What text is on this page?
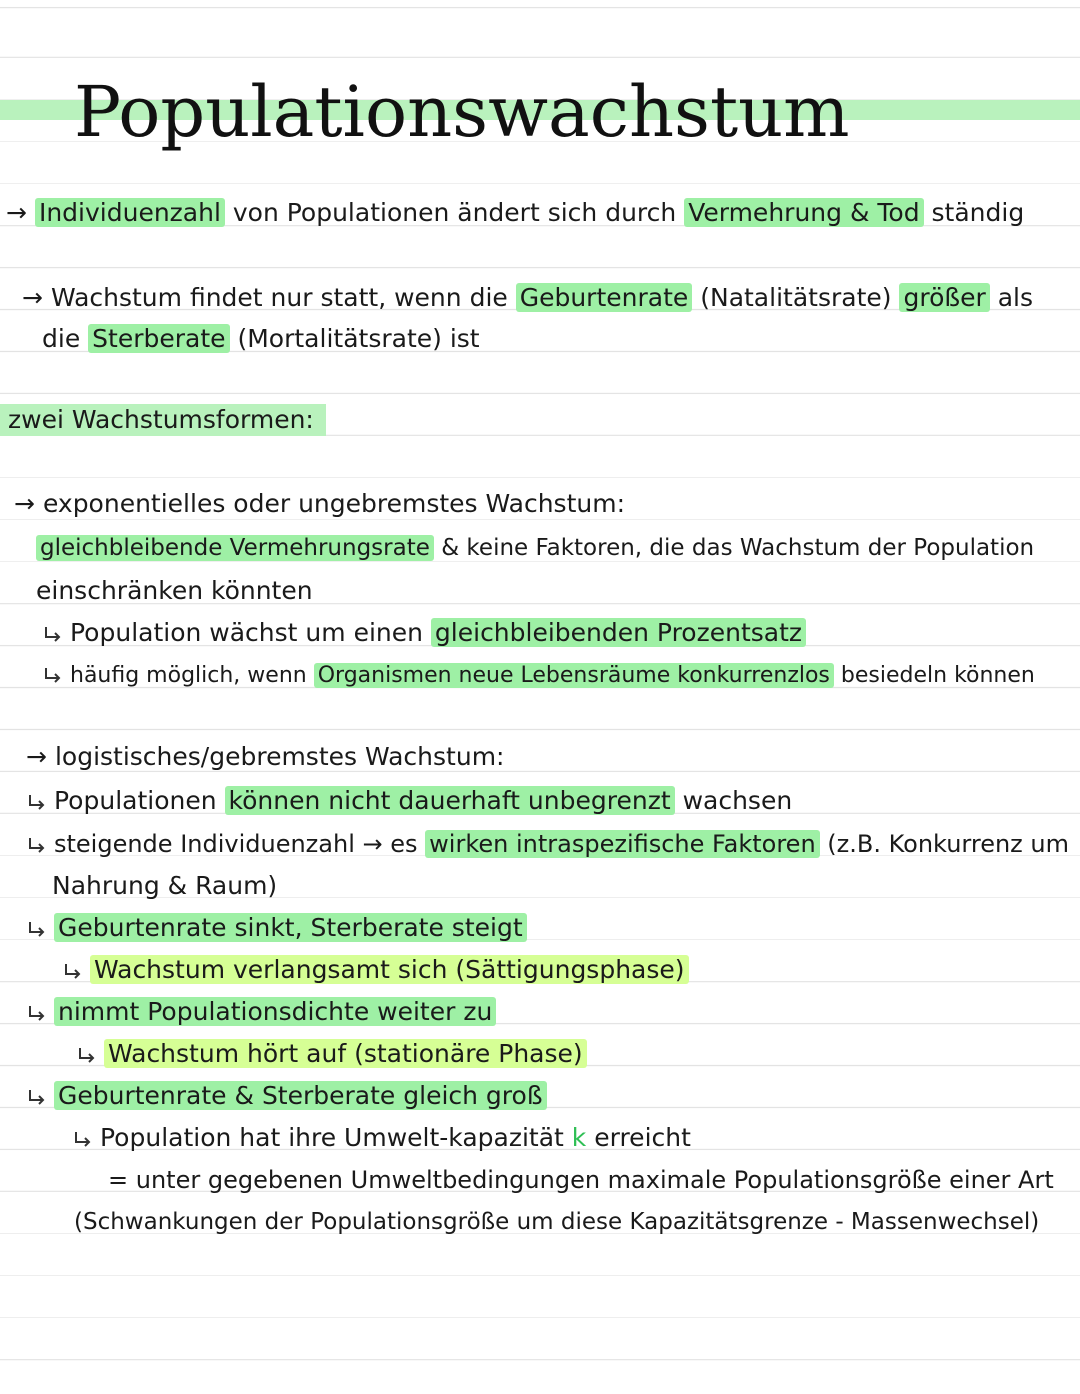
Populationswachstum
→ Individuenzahl von Populationen ändert sich durch Vermehrung & Tod ständig
→ Wachstum findet nur statt, wenn die Geburtenrate (Natalitätsrate) größer als
die Sterberate (Mortalitätsrate) ist
zwei Wachstumsformen:
→ exponentielles oder ungebremstes Wachstum:
gleichbleibende Vermehrungsrate & keine Faktoren, die das Wachstum der Population
einschränken könnten
Population wächst um einen gleichbleibenden Prozentsatz
häufig möglich, wenn Organismen neue Lebensräume konkurrenzlos besiedeln können
→ logistisches/gebremstes Wachstum:
Populationen können nicht dauerhaft unbegrenzt wachsen
steigende Individuenzahl → es wirken intraspezifische Faktoren (z.B. Konkurrenz um
Nahrung & Raum)
Geburtenrate sinkt, Sterberate steigt
Wachstum verlangsamt sich (Sättigungsphase)
nimmt Populationsdichte weiter zu
Wachstum hört auf (stationäre Phase)
Geburtenrate & Sterberate gleich groß
Population hat ihre Umwelt-kapazität k erreicht
= unter gegebenen Umweltbedingungen maximale Populationsgröße einer Art
(Schwankungen der Populationsgröße um diese Kapazitätsgrenze - Massenwechsel)
